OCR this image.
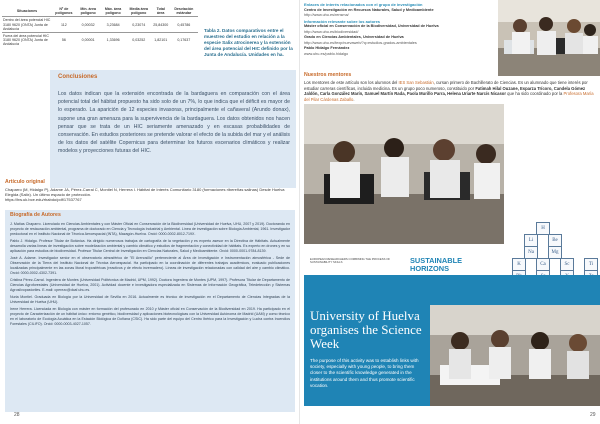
Situaciones	Nº de polígonos	Mín. área polígono	Máx. área polígono	Media área polígono	Total área	Desviación estándar
Dentro del área potencial HIC 3180 9620 (ONTA) Junta de Andalucía	112	0,00032	3,23684	0,23074	25,84300	0,45786
Fuera del área potencial HIC 3180 9620 (ONTA) Junta de Andalucía	56	0,00001	1,33696	0,03252	1,82101	0,17637
Tabla 2. Datos comparativos entre el muestreo del estudio en relación a la especie Salix atrocinerea y la extensión del área potencial del HIC definido por la Junta de Andalucía. Unidades en ha.
Conclusiones
Los datos indican que la extensión encontrada de la bardaguera en comparación con el área potencial total del hábitat propuesto ha sido solo de un 7%, lo que indica que el déficit es mayor de lo esperado. La aparición de 12 especies invasoras, principalmente el cañaveral (Arundo donax), supone una gran amenaza para la supervivencia de la bardaguera. Los datos obtenidos nos hacen pensar que se trata de un HIC seriamente amenazado y en escasas probabilidades de conservación. En estudios posteriores se pretende valorar el efecto de la subida del mar y el análisis de los datos del satélite Copernicus para determinar los futuros escenarios climáticos y realizar modelos y proyecciones futuras del HIC.
Artículo original
Chaparro (M, Hidalgo P), Adame JA, Pérez-Carral C, Montiel N, Herrera I. Hábitat de Interés Comunitario 3180 (formaciones ribereñas salinas) Desde Huelva Elegida (Salix). Un último espacio de protección.
https://hw.uk.bce.edu/rhabdo/pdf/17537767
Biografía de Autores

J. Matías Chaparro. Licenciado en Ciencias Ambientales y con Máster Oficial en Conservación de la Biodiversidad (Universidad de Huelva, UHU, 2007 y 2019). Doctorando en proyecto de restauración ambiental, programa de doctorado en Ciencia y Tecnología Industrial y Ambiental. Línea de investigación sobre Biología Ambiental, 1961. Investigador predoctoral en el Instituto Nacional de Técnica Aeroespacial (INTA), Mazagón-Huelva. Orcid: 0000-0002-8012-719X.

Pablo J. Hidalgo. Profesor Titular de Botánica. Ha dirigido numerosos trabajos de cartografía de la vegetación y es experto asesor en la Directiva de Hábitats. Actualmente desarrolla varias líneas de investigación sobre modelización ambiental y cambio climático y estudios de fragmentación y conectividad de hábitats. Es experto en drones y en su aplicación para estudios de biodiversidad. Profesor Titular Central de Investigación en Ciencias Naturales, Salud y Medioambiente. Orcid: 0000-0001-9784-8139.

José A. Adame. Investigador senior en el observatorio atmosférico de "El Arenosillo" perteneciente al Área de Investigación e Instrumentación atmosférica - Sede de Observación de la Tierra del Instituto Nacional de Técnica Aeroespacial. Ha participado en la coordinación de diferentes trabajos académicos, evaluado publicaciones localizadas principalmente en las zonas litoral troposféricas (reactivos y de efecto invernadero). Líneas de investigación relacionadas con calidad del aire y cambio climático. Orcid: 0000-0002-4302-7391.

Cristina Pérez-Carral. Ingeniera de Montes (Universidad Politécnica de Madrid, UPM, 1992). Doctora Ingeniera de Montes (UPM, 1997). Profesora Titular de Departamento de Ciencias Agroforestales (Universidad de Huelva, 2001). Actividad docente e investigadora especializada en Sistemas de Información Geográfica, Teledetección y Sistemas Agrosilvopastoriles. E-mail: cperezc@dcaf.uhu.es.

Nuria Montiel. Graduada en Biología por la Universidad de Sevilla en 2016. Actualmente es técnico de investigación en el Departamento de Ciencias Integradas de la Universidad de Huelva (UHU).

Irene Herrera. Licenciada en Biología con máster en formación del profesorado en 2010 y Máster oficial en Conservación de la Biodiversidad en 2019. Ha participado en el proyecto de Caracterización de un hábitat único: entorno genético, biodiversidad y aplicaciones biotecnológicas con la Universidad Autónoma de Madrid (UAM) y como técnico en el laboratorio de Ecología Acuática en la Estación Biológica de Doñana (CSIC). Ha sido parte del equipo del Centro Ibérico para la Investigación y Lucha contra Incendios Forestales (CILIFO). Orcid: 0000-0003-4027-1057.

28
Enlaces de interés relacionados con el grupo de investigación
Centro de Investigación en Recursos Naturales, Salud y Medioambiente
http://www.uhu.es/rensma/
Información relevante sobre los autores
Máster oficial en Conservación de la Biodiversidad, Universidad de Huelva
http://www.uhu.es/biodiversidad/
Grado en Ciencias Ambientales, Universidad de Huelva
http://www.uhu.es/fexp/nuevaweb/?q=estudios-grados-ambientales
Pablo Hidalgo Fernández
www.uhu.es/pablo.hidalgo
Nuestros mentores
Los mentores de este artículo son los alumnos del IES San Sebastián, cursan primero de Bachillerato de Ciencias. Es un alumnado que tiene interés por estudiar carreras científicas, incluida medicina. Es un grupo poco numeroso, constituido por Fatimah Hilal Ouzane, Esparza Trícoro, Candela Gómez Jaldón, Carla González Marín, Samuel Martín Rada, Paola Murillo Parra, Helena Uriarte Narcís Nicasor que ha sido coordinado por la Profesora María del Pilar Cárdenas Zaballo.
H
Li	Be
Na	Mg
K	Ca	Sc	Ti
University of Huelva organises the Science Week
The purpose of this activity was to establish links with society, especially with young people, to bring them closer to the scientific knowledge generated in the institutions around them and thus promote scientific vocation.
SUSTAINABLE HORIZONS
EUROPEAN RESEARCHERS COMBINING THE PROCESS OF SUSTAINABILITY SKILLS
29
